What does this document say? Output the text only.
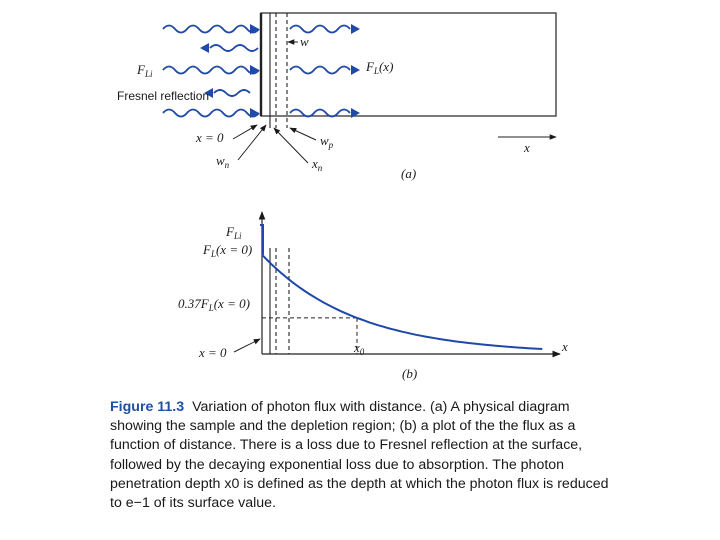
w
$F_{Li}$	$F_L(x)$
Fresnel reflection
x = 0
$w_n$
$w_p$
$x_n$
x
(a)
$F_{Li}$
$F_L(x = 0)$
$0.37F_L(x = 0)$
x = 0	$x_0$	x
(b)
Figure 11.3 Variation of photon flux with distance. (a) A physical diagram showing the sample and the depletion region; (b) a plot of the the flux as a function of distance. There is a loss due to Fresnel reflection at the surface, followed by the decaying exponential loss due to absorption. The photon penetration depth x0 is defined as the depth at which the photon flux is reduced to e−1 of its surface value.
